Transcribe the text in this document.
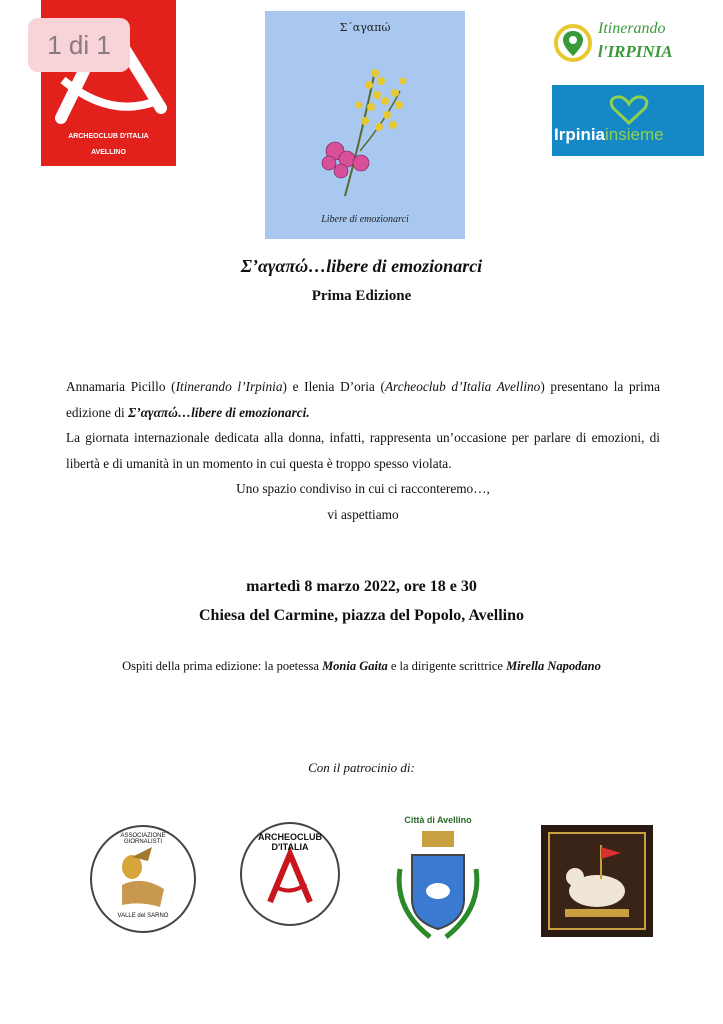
1 di 1
ARCHEOCLUB D'ITALIA
AVELLINO
Σ΄αγαπώ
Libere di emozionarci
Itinerando
l'IRPINIA
Irpiniainsieme
Σ’αγαπώ…libere di emozionarci
Prima Edizione

Annamaria Picillo (Itinerando l’Irpinia) e Ilenia D’oria (Archeoclub d’Italia Avellino) presentano la prima edizione di Σ’αγαπώ…libere di emozionarci.

La giornata internazionale dedicata alla donna, infatti, rappresenta un’occasione per parlare di emozioni, di libertà e di umanità in un momento in cui questa è troppo spesso violata.

Uno spazio condiviso in cui ci racconteremo…,

vi aspettiamo

martedì 8 marzo 2022, ore 18 e 30
Chiesa del Carmine, piazza del Popolo, Avellino
Ospiti della prima edizione: la poetessa Monia Gaita e la dirigente scrittrice Mirella Napodano
Con il patrocinio di:
ASSOCIAZIONE GIORNALISTI
VALLE del SARNO
ARCHEOCLUB D'ITALIA
Città di Avellino
